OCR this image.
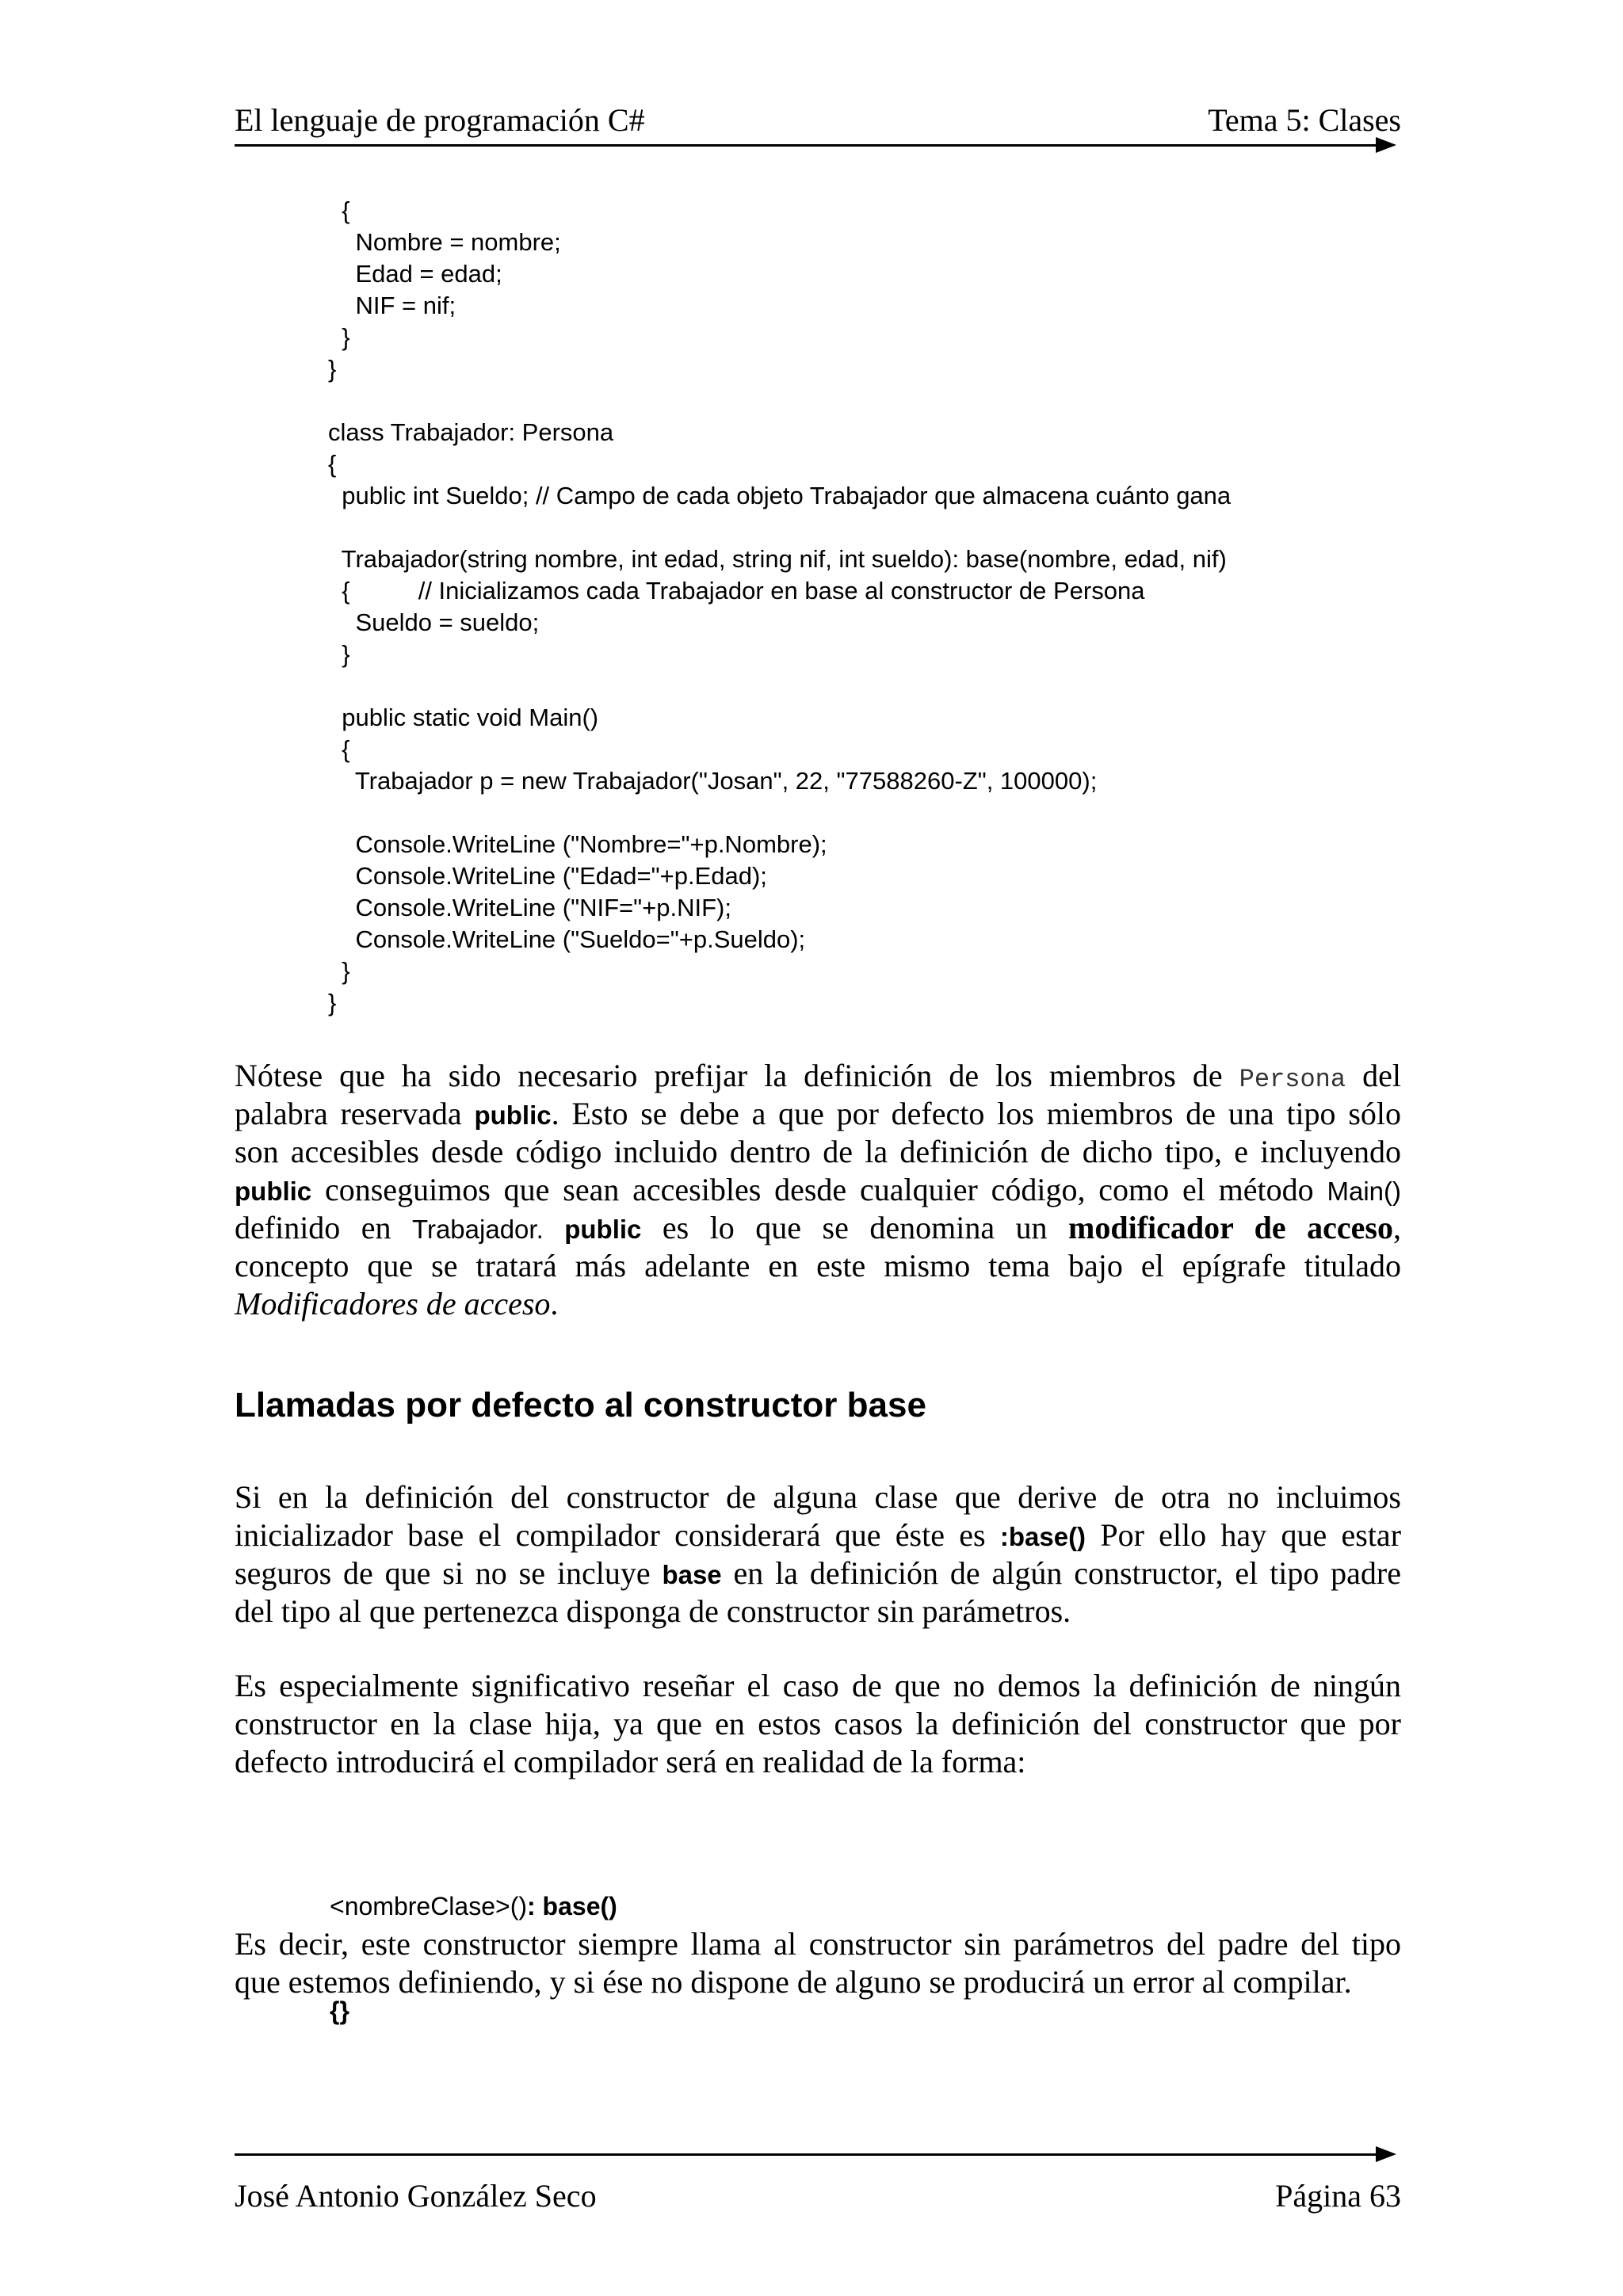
El lenguaje de programación C#	Tema 5: Clases
{
Nombre = nombre;
Edad = edad;
NIF = nif;
}
}
class Trabajador: Persona
{
public int Sueldo; // Campo de cada objeto Trabajador que almacena cuánto gana
Trabajador(string nombre, int edad, string nif, int sueldo): base(nombre, edad, nif)
{          // Inicializamos cada Trabajador en base al constructor de Persona
Sueldo = sueldo;
}
public static void Main()
{
Trabajador p = new Trabajador("Josan", 22, "77588260-Z", 100000);
Console.WriteLine ("Nombre="+p.Nombre);
Console.WriteLine ("Edad="+p.Edad);
Console.WriteLine ("NIF="+p.NIF);
Console.WriteLine ("Sueldo="+p.Sueldo);
}
}
Nótese que ha sido necesario prefijar la definición de los miembros de Persona del
palabra reservada public. Esto se debe a que por defecto los miembros de una tipo sólo
son accesibles desde código incluido dentro de la definición de dicho tipo, e incluyendo
public conseguimos que sean accesibles desde cualquier código, como el método Main()
definido en Trabajador. public es lo que se denomina un modificador de acceso,
concepto que se tratará más adelante en este mismo tema bajo el epígrafe titulado
Modificadores de acceso.
Llamadas por defecto al constructor base
Si en la definición del constructor de alguna clase que derive de otra no incluimos
inicializador base el compilador considerará que éste es :base() Por ello hay que estar
seguros de que si no se incluye base en la definición de algún constructor, el tipo padre
del tipo al que pertenezca disponga de constructor sin parámetros.
Es especialmente significativo reseñar el caso de que no demos la definición de ningún
constructor en la clase hija, ya que en estos casos la definición del constructor que por
defecto introducirá el compilador será en realidad de la forma:

<nombreClase>(): base()

{}

Es decir, este constructor siempre llama al constructor sin parámetros del padre del tipo
que estemos definiendo, y si ése no dispone de alguno se producirá un error al compilar.
José Antonio González Seco	Página 63
